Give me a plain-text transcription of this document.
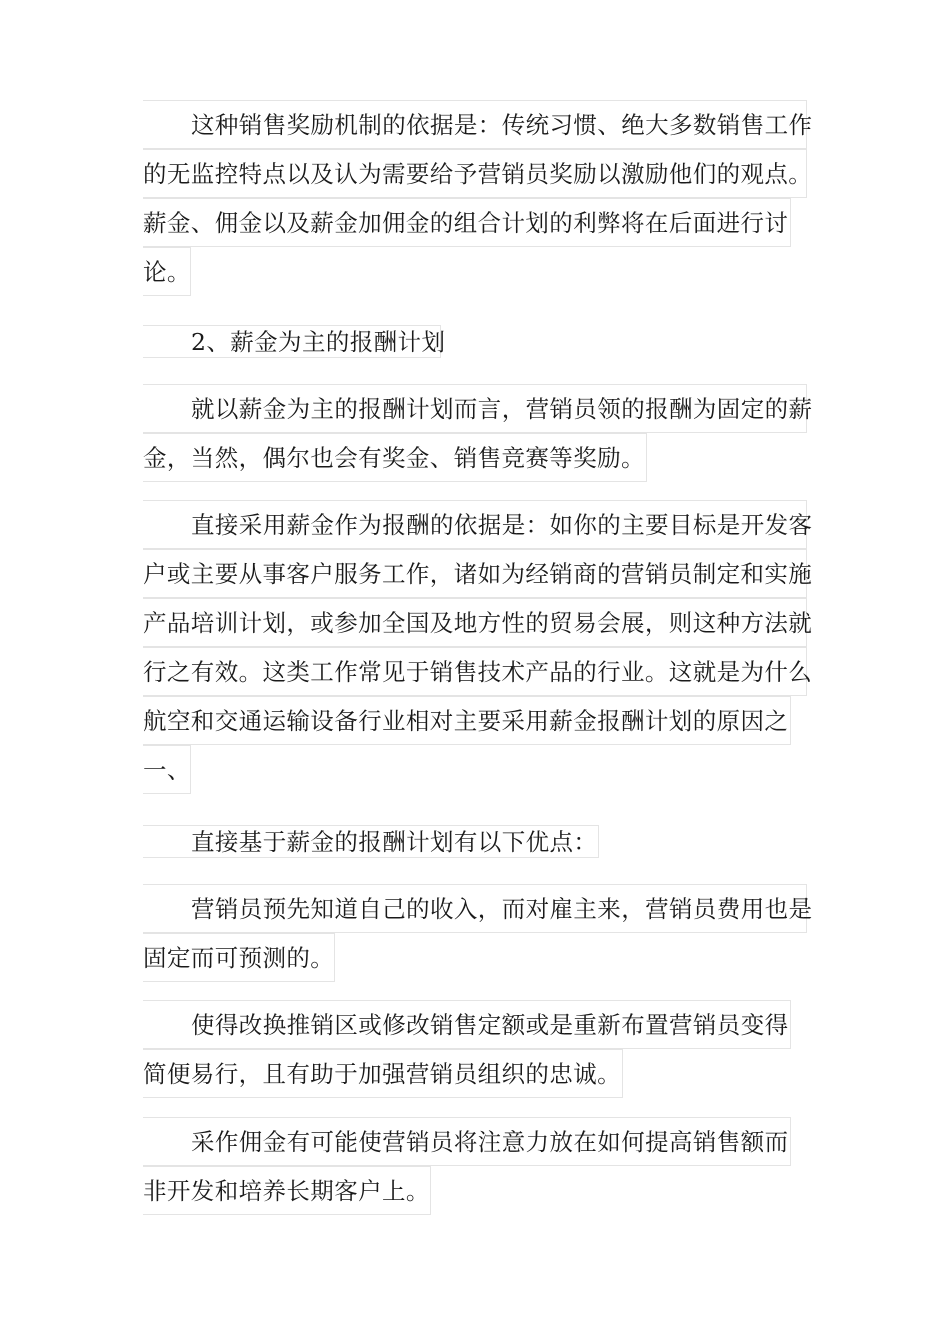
这种销售奖励机制的依据是：传统习惯、绝大多数销售工作
的无监控特点以及认为需要给予营销员奖励以激励他们的观点。
薪金、佣金以及薪金加佣金的组合计划的利弊将在后面进行讨
论。
2、薪金为主的报酬计划
就以薪金为主的报酬计划而言，营销员领的报酬为固定的薪
金，当然，偶尔也会有奖金、销售竞赛等奖励。
直接采用薪金作为报酬的依据是：如你的主要目标是开发客
户或主要从事客户服务工作，诸如为经销商的营销员制定和实施
产品培训计划，或参加全国及地方性的贸易会展，则这种方法就
行之有效。这类工作常见于销售技术产品的行业。这就是为什么
航空和交通运输设备行业相对主要采用薪金报酬计划的原因之
一、
直接基于薪金的报酬计划有以下优点：
营销员预先知道自己的收入，而对雇主来，营销员费用也是
固定而可预测的。
使得改换推销区或修改销售定额或是重新布置营销员变得
简便易行，且有助于加强营销员组织的忠诚。
采作佣金有可能使营销员将注意力放在如何提高销售额而
非开发和培养长期客户上。
